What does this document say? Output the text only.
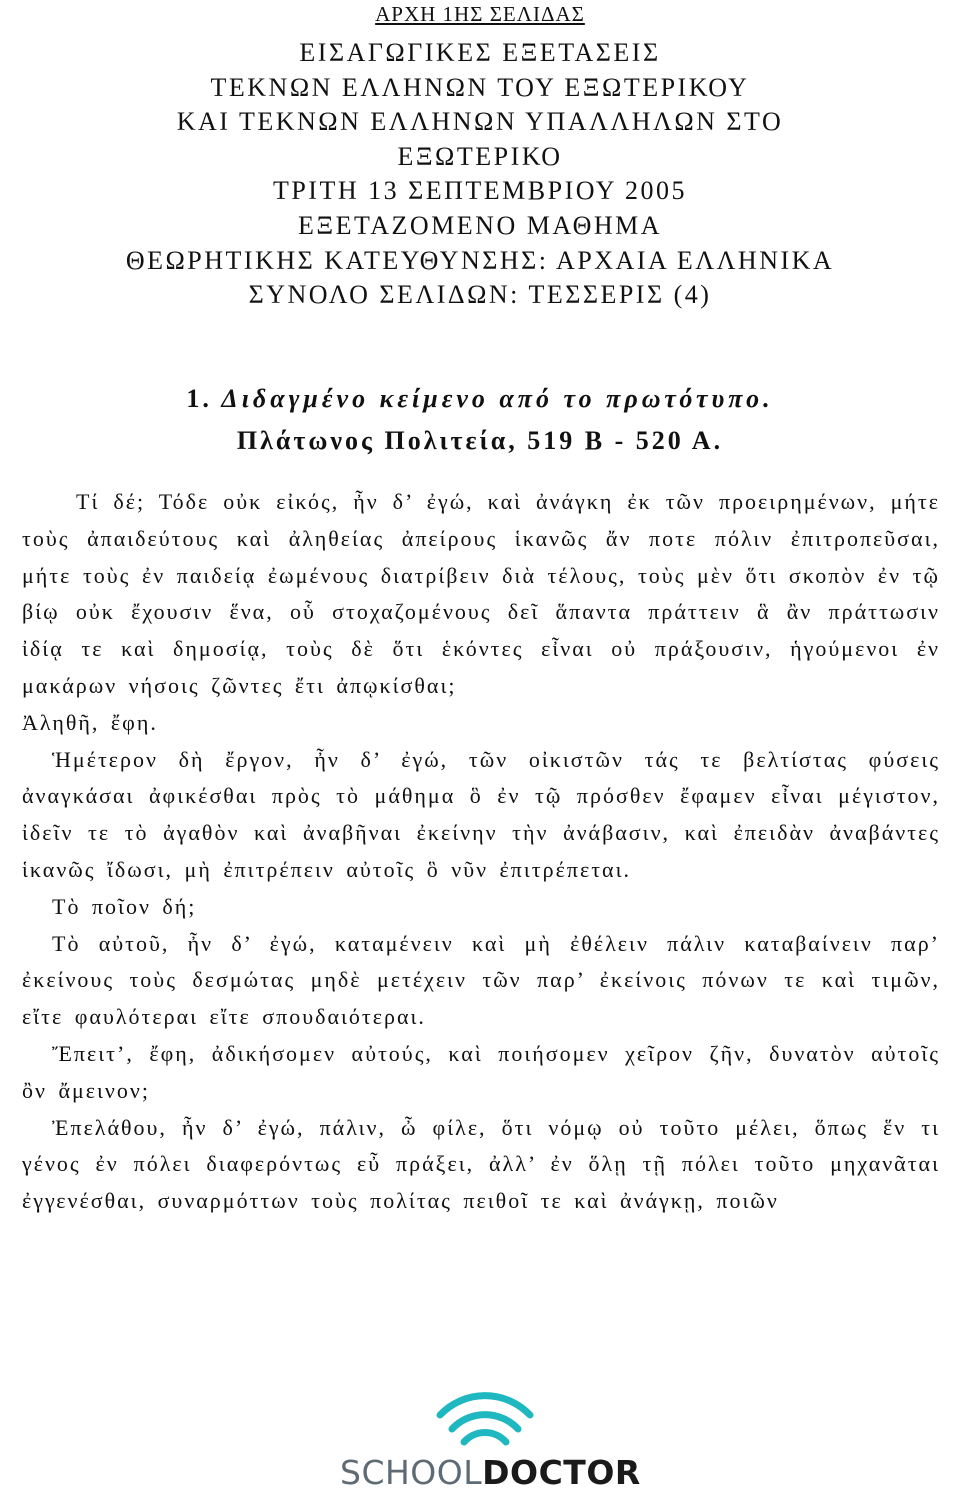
ΑΡΧΗ 1ΗΣ ΣΕΛΙΔΑΣ
ΕΙΣΑΓΩΓΙΚΕΣ ΕΞΕΤΑΣΕΙΣ
ΤΕΚΝΩΝ ΕΛΛΗΝΩΝ ΤΟΥ ΕΞΩΤΕΡΙΚΟΥ
ΚΑΙ ΤΕΚΝΩΝ ΕΛΛΗΝΩΝ ΥΠΑΛΛΗΛΩΝ ΣΤΟ
ΕΞΩΤΕΡΙΚΟ
ΤΡΙΤΗ 13 ΣΕΠΤΕΜΒΡΙΟΥ 2005
ΕΞΕΤΑΖΟΜΕΝΟ ΜΑΘΗΜΑ
ΘΕΩΡΗΤΙΚΗΣ ΚΑΤΕΥΘΥΝΣΗΣ: ΑΡΧΑΙΑ ΕΛΛΗΝΙΚΑ
ΣΥΝΟΛΟ ΣΕΛΙΔΩΝ: ΤΕΣΣΕΡΙΣ (4)
1. Διδαγμένο κείμενο από το πρωτότυπο.
Πλάτωνος Πολιτεία, 519 Β - 520 Α.
Τί δέ; Τόδε οὐκ εἰκός, ἦν δ’ ἐγώ, καὶ ἀνάγκη ἐκ τῶν προειρημένων, μήτε τοὺς ἀπαιδεύτους καὶ ἀληθείας ἀπείρους ἱκανῶς ἄν ποτε πόλιν ἐπιτροπεῦσαι, μήτε τοὺς ἐν παιδείᾳ ἐωμένους διατρίβειν διὰ τέλους, τοὺς μὲν ὅτι σκοπὸν ἐν τῷ βίῳ οὐκ ἔχουσιν ἕνα, οὗ στοχαζομένους δεῖ ἅπαντα πράττειν ἃ ἂν πράττωσιν ἰδίᾳ τε καὶ δημοσίᾳ, τοὺς δὲ ὅτι ἑκόντες εἶναι οὐ πράξουσιν, ἡγούμενοι ἐν μακάρων νήσοις ζῶντες ἔτι ἀπῳκίσθαι;
Ἀληθῆ, ἔφη.
Ἡμέτερον δὴ ἔργον, ἦν δ’ ἐγώ, τῶν οἰκιστῶν τάς τε βελτίστας φύσεις ἀναγκάσαι ἀφικέσθαι πρὸς τὸ μάθημα ὃ ἐν τῷ πρόσθεν ἔφαμεν εἶναι μέγιστον, ἰδεῖν τε τὸ ἀγαθὸν καὶ ἀναβῆναι ἐκείνην τὴν ἀνάβασιν, καὶ ἐπειδὰν ἀναβάντες ἱκανῶς ἴδωσι, μὴ ἐπιτρέπειν αὐτοῖς ὃ νῦν ἐπιτρέπεται.
Τὸ ποῖον δή;
Τὸ αὐτοῦ, ἦν δ’ ἐγώ, καταμένειν καὶ μὴ ἐθέλειν πάλιν καταβαίνειν παρ’ ἐκείνους τοὺς δεσμώτας μηδὲ μετέχειν τῶν παρ’ ἐκείνοις πόνων τε καὶ τιμῶν, εἴτε φαυλότεραι εἴτε σπουδαιότεραι.
Ἔπειτ’, ἔφη, ἀδικήσομεν αὐτούς, καὶ ποιήσομεν χεῖρον ζῆν, δυνατὸν αὐτοῖς ὂν ἄμεινον;
Ἐπελάθου, ἦν δ’ ἐγώ, πάλιν, ὦ φίλε, ὅτι νόμῳ οὐ τοῦτο μέλει, ὅπως ἕν τι γένος ἐν πόλει διαφερόντως εὖ πράξει, ἀλλ’ ἐν ὅλῃ τῇ πόλει τοῦτο μηχανᾶται ἐγγενέσθαι, συναρμόττων τοὺς πολίτας πειθοῖ τε καὶ ἀνάγκῃ, ποιῶν
SCHOOLDOCTOR
